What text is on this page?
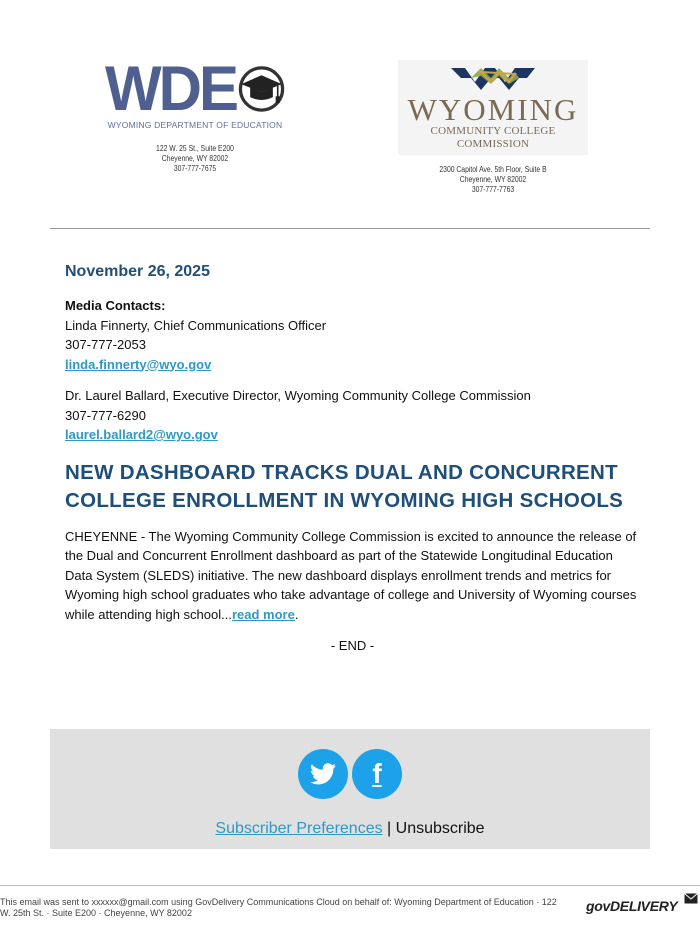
WDE
WYOMING DEPARTMENT OF EDUCATION
122 W. 25 St., Suite E200
Cheyenne, WY 82002
307-777-7675
WYOMING
COMMUNITY COLLEGE COMMISSION
2300 Capitol Ave. 5th Floor, Suite B
Cheyenne, WY 82002
307-777-7763
November 26, 2025
Media Contacts:
Linda Finnerty, Chief Communications Officer
307-777-2053
linda.finnerty@wyo.gov
Dr. Laurel Ballard, Executive Director, Wyoming Community College Commission
307-777-6290
laurel.ballard2@wyo.gov
NEW DASHBOARD TRACKS DUAL AND CONCURRENT COLLEGE ENROLLMENT IN WYOMING HIGH SCHOOLS

CHEYENNE - The Wyoming Community College Commission is excited to announce the release of the Dual and Concurrent Enrollment dashboard as part of the Statewide Longitudinal Education Data System (SLEDS) initiative. The new dashboard displays enrollment trends and metrics for Wyoming high school graduates who take advantage of college and University of Wyoming courses while attending high school...read more.

- END -
f
Subscriber Preferences | Unsubscribe
This email was sent to xxxxxx@gmail.com using GovDelivery Communications Cloud on behalf of: Wyoming Department of Education · 122 W. 25th St. · Suite E200 · Cheyenne, WY 82002	govDELIVERY
